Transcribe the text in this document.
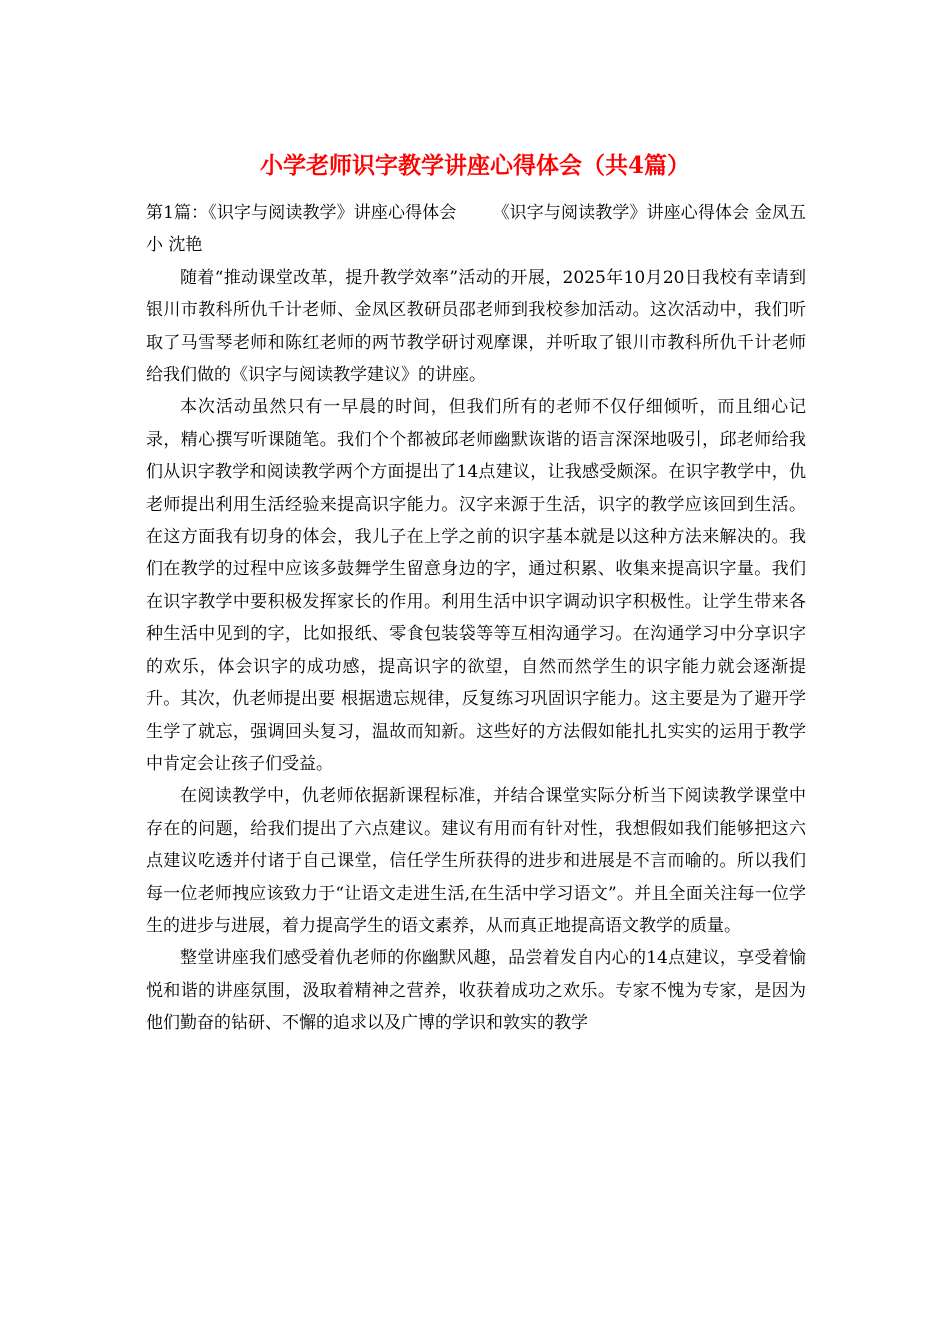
小学老师识字教学讲座心得体会（共4篇）

第1篇：《识字与阅读教学》讲座心得体会 《识字与阅读教学》讲座心得体会 金凤五小 沈艳

随着“推动课堂改革，提升教学效率”活动的开展，2025年10月20日我校有幸请到银川市教科所仇千计老师、金凤区教研员邵老师到我校参加活动。这次活动中，我们听取了马雪琴老师和陈红老师的两节教学研讨观摩课，并听取了银川市教科所仇千计老师给我们做的《识字与阅读教学建议》的讲座。

本次活动虽然只有一早晨的时间，但我们所有的老师不仅仔细倾听，而且细心记录，精心撰写听课随笔。我们个个都被邱老师幽默诙谐的语言深深地吸引，邱老师给我们从识字教学和阅读教学两个方面提出了14点建议，让我感受颇深。在识字教学中，仇老师提出利用生活经验来提高识字能力。汉字来源于生活，识字的教学应该回到生活。在这方面我有切身的体会，我儿子在上学之前的识字基本就是以这种方法来解决的。我们在教学的过程中应该多鼓舞学生留意身边的字，通过积累、收集来提高识字量。我们在识字教学中要积极发挥家长的作用。利用生活中识字调动识字积极性。让学生带来各种生活中见到的字，比如报纸、零食包装袋等等互相沟通学习。在沟通学习中分享识字的欢乐，体会识字的成功感，提高识字的欲望，自然而然学生的识字能力就会逐渐提升。其次，仇老师提出要 根据遗忘规律，反复练习巩固识字能力。这主要是为了避开学生学了就忘，强调回头复习，温故而知新。这些好的方法假如能扎扎实实的运用于教学中肯定会让孩子们受益。

在阅读教学中，仇老师依据新课程标准，并结合课堂实际分析当下阅读教学课堂中存在的问题，给我们提出了六点建议。建议有用而有针对性，我想假如我们能够把这六点建议吃透并付诸于自己课堂，信任学生所获得的进步和进展是不言而喻的。所以我们每一位老师拽应该致力于“让语文走进生活,在生活中学习语文”。并且全面关注每一位学生的进步与进展，着力提高学生的语文素养，从而真正地提高语文教学的质量。

整堂讲座我们感受着仇老师的你幽默风趣，品尝着发自内心的14点建议，享受着愉悦和谐的讲座氛围，汲取着精神之营养，收获着成功之欢乐。专家不愧为专家，是因为他们勤奋的钻研、不懈的追求以及广博的学识和敦实的教学
